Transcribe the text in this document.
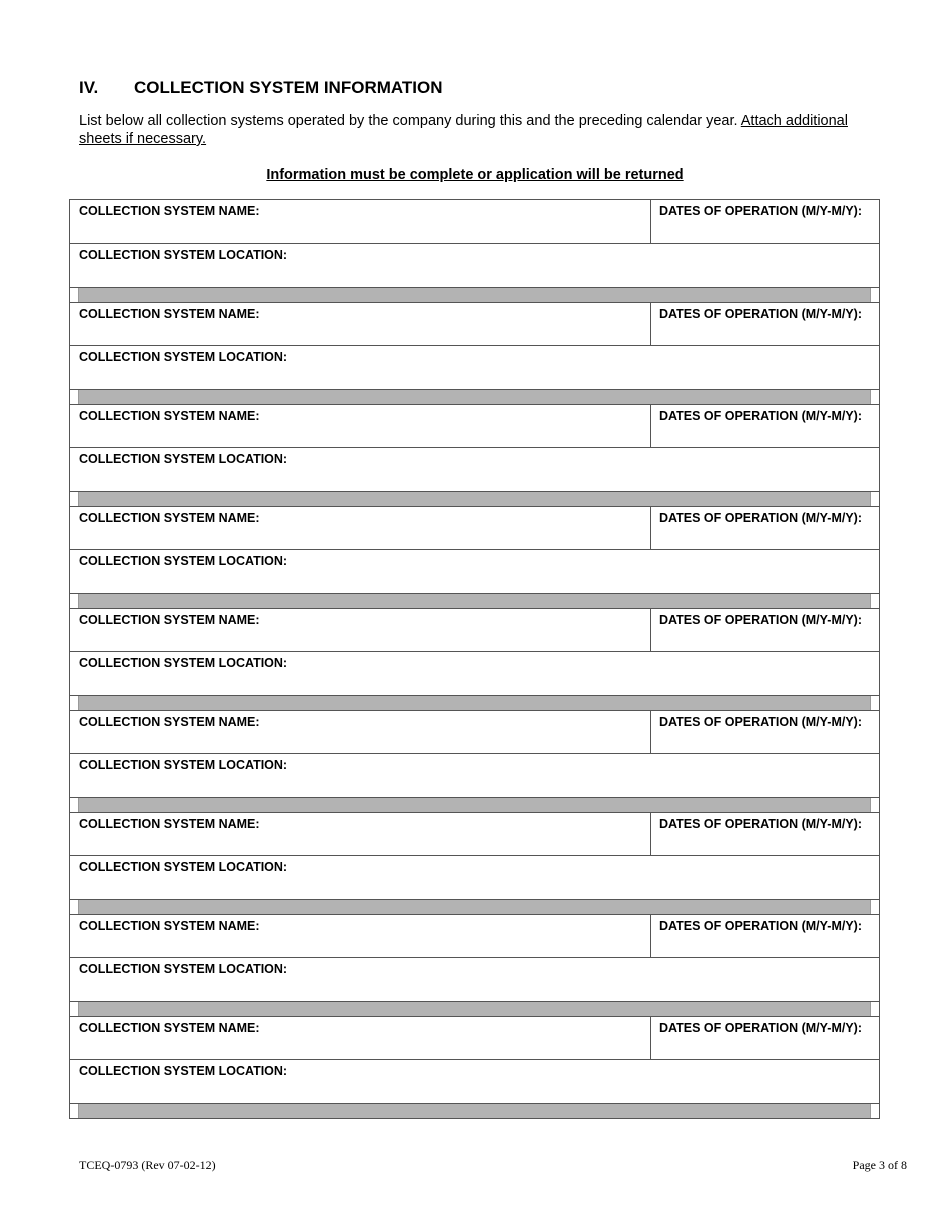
IV. COLLECTION SYSTEM INFORMATION

List below all collection systems operated by the company during this and the preceding calendar year. Attach additional sheets if necessary.

Information must be complete or application will be returned

COLLECTION SYSTEM NAME:	DATES OF OPERATION (M/Y-M/Y):
COLLECTION SYSTEM LOCATION:
COLLECTION SYSTEM NAME:	DATES OF OPERATION (M/Y-M/Y):
COLLECTION SYSTEM LOCATION:
COLLECTION SYSTEM NAME:	DATES OF OPERATION (M/Y-M/Y):
COLLECTION SYSTEM LOCATION:
COLLECTION SYSTEM NAME:	DATES OF OPERATION (M/Y-M/Y):
COLLECTION SYSTEM LOCATION:
COLLECTION SYSTEM NAME:	DATES OF OPERATION (M/Y-M/Y):
COLLECTION SYSTEM LOCATION:
COLLECTION SYSTEM NAME:	DATES OF OPERATION (M/Y-M/Y):
COLLECTION SYSTEM LOCATION:
COLLECTION SYSTEM NAME:	DATES OF OPERATION (M/Y-M/Y):
COLLECTION SYSTEM LOCATION:
COLLECTION SYSTEM NAME:	DATES OF OPERATION (M/Y-M/Y):
COLLECTION SYSTEM LOCATION:
COLLECTION SYSTEM NAME:	DATES OF OPERATION (M/Y-M/Y):
COLLECTION SYSTEM LOCATION:

TCEQ-0793 (Rev 07-02-12)	Page 3 of 8
